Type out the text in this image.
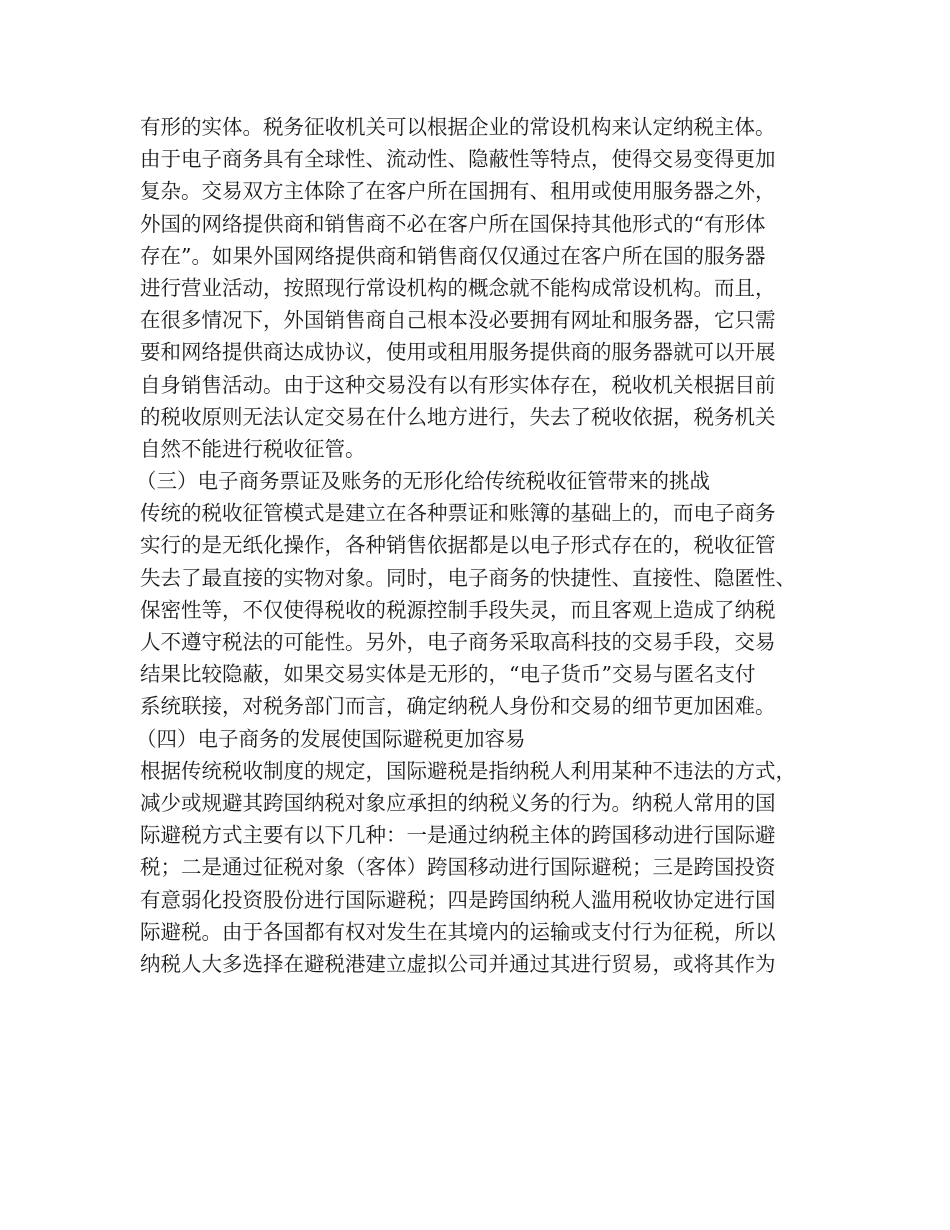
有形的实体。税务征收机关可以根据企业的常设机构来认定纳税主体。
由于电子商务具有全球性、流动性、隐蔽性等特点，使得交易变得更加
复杂。交易双方主体除了在客户所在国拥有、租用或使用服务器之外，
外国的网络提供商和销售商不必在客户所在国保持其他形式的“有形体
存在”。如果外国网络提供商和销售商仅仅通过在客户所在国的服务器
进行营业活动，按照现行常设机构的概念就不能构成常设机构。而且，
在很多情况下，外国销售商自己根本没必要拥有网址和服务器，它只需
要和网络提供商达成协议，使用或租用服务提供商的服务器就可以开展
自身销售活动。由于这种交易没有以有形实体存在，税收机关根据目前
的税收原则无法认定交易在什么地方进行，失去了税收依据，税务机关
自然不能进行税收征管。
（三）电子商务票证及账务的无形化给传统税收征管带来的挑战
传统的税收征管模式是建立在各种票证和账簿的基础上的，而电子商务
实行的是无纸化操作，各种销售依据都是以电子形式存在的，税收征管
失去了最直接的实物对象。同时，电子商务的快捷性、直接性、隐匿性、
保密性等，不仅使得税收的税源控制手段失灵，而且客观上造成了纳税
人不遵守税法的可能性。另外，电子商务采取高科技的交易手段，交易
结果比较隐蔽，如果交易实体是无形的，“电子货币”交易与匿名支付
系统联接，对税务部门而言，确定纳税人身份和交易的细节更加困难。
（四）电子商务的发展使国际避税更加容易
根据传统税收制度的规定，国际避税是指纳税人利用某种不违法的方式，
减少或规避其跨国纳税对象应承担的纳税义务的行为。纳税人常用的国
际避税方式主要有以下几种：一是通过纳税主体的跨国移动进行国际避
税；二是通过征税对象（客体）跨国移动进行国际避税；三是跨国投资
有意弱化投资股份进行国际避税；四是跨国纳税人滥用税收协定进行国
际避税。由于各国都有权对发生在其境内的运输或支付行为征税，所以
纳税人大多选择在避税港建立虚拟公司并通过其进行贸易，或将其作为
